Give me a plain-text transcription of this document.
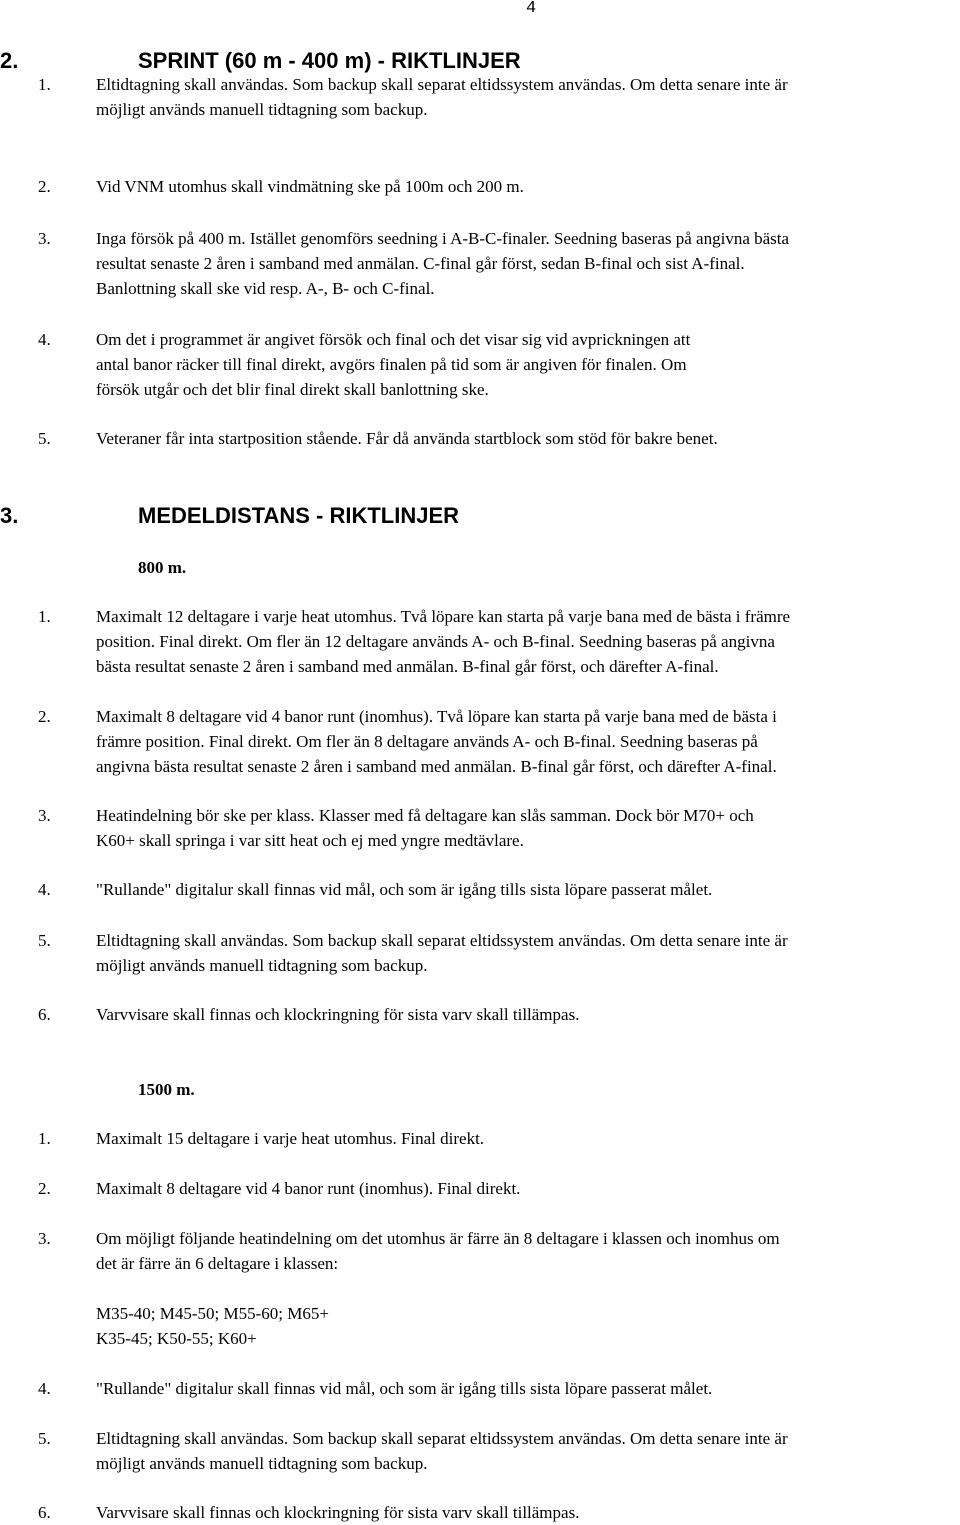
4
2.	SPRINT (60 m - 400 m) - RIKTLINJER
1.	Eltidtagning skall användas. Som backup skall separat eltidssystem användas. Om detta senare inte är
möjligt används manuell tidtagning som backup.
2.	Vid VNM utomhus skall vindmätning ske på 100m och 200 m.
3.	Inga försök på 400 m. Istället genomförs seedning i A-B-C-finaler. Seedning baseras på angivna bästa
resultat senaste 2 åren i samband med anmälan. C-final går först, sedan B-final och sist A-final.
Banlottning skall ske vid resp. A-, B- och C-final.
4.	Om det i programmet är angivet försök och final och det visar sig vid avprickningen att
antal banor räcker till final direkt, avgörs finalen på tid som är angiven för finalen. Om
försök utgår och det blir final direkt skall banlottning ske.
5.	Veteraner får inta startposition stående. Får då använda startblock som stöd för bakre benet.
3.	MEDELDISTANS - RIKTLINJER
800 m.
1.	Maximalt 12 deltagare i varje heat utomhus. Två löpare kan starta på varje bana med de bästa i främre
position. Final direkt. Om fler än 12 deltagare används A- och B-final. Seedning baseras på angivna
bästa resultat senaste 2 åren i samband med anmälan. B-final går först, och därefter A-final.
2.	Maximalt 8 deltagare vid 4 banor runt (inomhus). Två löpare kan starta på varje bana med de bästa i
främre position. Final direkt. Om fler än 8 deltagare används A- och B-final. Seedning baseras på
angivna bästa resultat senaste 2 åren i samband med anmälan. B-final går först, och därefter A-final.
3.	Heatindelning bör ske per klass. Klasser med få deltagare kan slås samman. Dock bör M70+ och
K60+ skall springa i var sitt heat och ej med yngre medtävlare.
4.	"Rullande" digitalur skall finnas vid mål, och som är igång tills sista löpare passerat målet.
5.	Eltidtagning skall användas. Som backup skall separat eltidssystem användas. Om detta senare inte är
möjligt används manuell tidtagning som backup.
6.	Varvvisare skall finnas och klockringning för sista varv skall tillämpas.
1500 m.
1.	Maximalt 15 deltagare i varje heat utomhus. Final direkt.
2.	Maximalt 8 deltagare vid 4 banor runt (inomhus). Final direkt.
3.	Om möjligt följande heatindelning om det utomhus är färre än 8 deltagare i klassen och inomhus om
det är färre än 6 deltagare i klassen:
M35-40; M45-50; M55-60; M65+
K35-45; K50-55; K60+
4.	"Rullande" digitalur skall finnas vid mål, och som är igång tills sista löpare passerat målet.
5.	Eltidtagning skall användas. Som backup skall separat eltidssystem användas. Om detta senare inte är
möjligt används manuell tidtagning som backup.
6.	Varvvisare skall finnas och klockringning för sista varv skall tillämpas.
